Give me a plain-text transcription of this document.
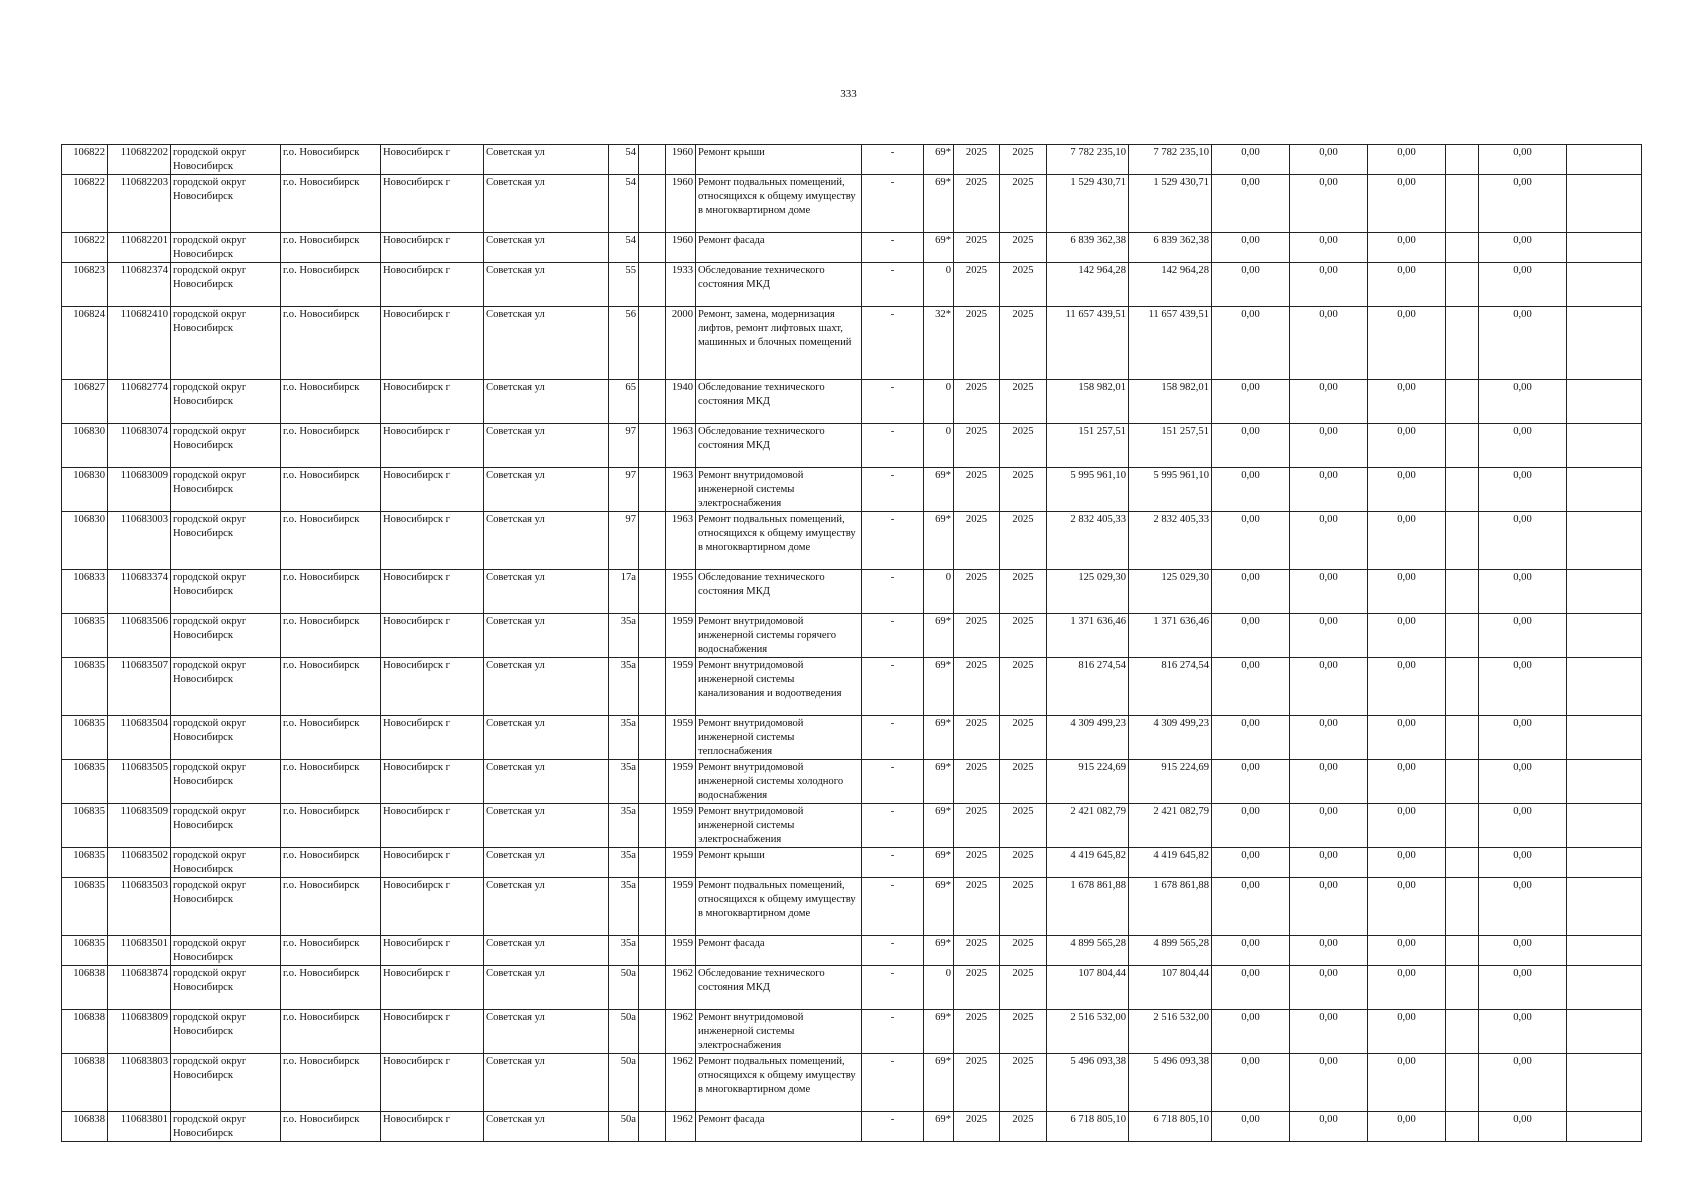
333
106822	110682202	городской округ Новосибирск	г.о. Новосибирск	Новосибирск г	Советская ул	54		1960	Ремонт крыши	-	69*	2025	2025	7 782 235,10	7 782 235,10	0,00	0,00	0,00		0,00	
106822	110682203	городской округ Новосибирск	г.о. Новосибирск	Новосибирск г	Советская ул	54		1960	Ремонт подвальных помещений, относящихся к общему имуществу в многоквартирном доме	-	69*	2025	2025	1 529 430,71	1 529 430,71	0,00	0,00	0,00		0,00	
106822	110682201	городской округ Новосибирск	г.о. Новосибирск	Новосибирск г	Советская ул	54		1960	Ремонт фасада	-	69*	2025	2025	6 839 362,38	6 839 362,38	0,00	0,00	0,00		0,00	
106823	110682374	городской округ Новосибирск	г.о. Новосибирск	Новосибирск г	Советская ул	55		1933	Обследование технического состояния МКД	-	0	2025	2025	142 964,28	142 964,28	0,00	0,00	0,00		0,00	
106824	110682410	городской округ Новосибирск	г.о. Новосибирск	Новосибирск г	Советская ул	56		2000	Ремонт, замена, модернизация лифтов, ремонт лифтовых шахт, машинных и блочных помещений	-	32*	2025	2025	11 657 439,51	11 657 439,51	0,00	0,00	0,00		0,00	
106827	110682774	городской округ Новосибирск	г.о. Новосибирск	Новосибирск г	Советская ул	65		1940	Обследование технического состояния МКД	-	0	2025	2025	158 982,01	158 982,01	0,00	0,00	0,00		0,00	
106830	110683074	городской округ Новосибирск	г.о. Новосибирск	Новосибирск г	Советская ул	97		1963	Обследование технического состояния МКД	-	0	2025	2025	151 257,51	151 257,51	0,00	0,00	0,00		0,00	
106830	110683009	городской округ Новосибирск	г.о. Новосибирск	Новосибирск г	Советская ул	97		1963	Ремонт внутридомовой инженерной системы электроснабжения	-	69*	2025	2025	5 995 961,10	5 995 961,10	0,00	0,00	0,00		0,00	
106830	110683003	городской округ Новосибирск	г.о. Новосибирск	Новосибирск г	Советская ул	97		1963	Ремонт подвальных помещений, относящихся к общему имуществу в многоквартирном доме	-	69*	2025	2025	2 832 405,33	2 832 405,33	0,00	0,00	0,00		0,00	
106833	110683374	городской округ Новосибирск	г.о. Новосибирск	Новосибирск г	Советская ул	17а		1955	Обследование технического состояния МКД	-	0	2025	2025	125 029,30	125 029,30	0,00	0,00	0,00		0,00	
106835	110683506	городской округ Новосибирск	г.о. Новосибирск	Новосибирск г	Советская ул	35а		1959	Ремонт внутридомовой инженерной системы горячего водоснабжения	-	69*	2025	2025	1 371 636,46	1 371 636,46	0,00	0,00	0,00		0,00	
106835	110683507	городской округ Новосибирск	г.о. Новосибирск	Новосибирск г	Советская ул	35а		1959	Ремонт внутридомовой инженерной системы канализования и водоотведения	-	69*	2025	2025	816 274,54	816 274,54	0,00	0,00	0,00		0,00	
106835	110683504	городской округ Новосибирск	г.о. Новосибирск	Новосибирск г	Советская ул	35а		1959	Ремонт внутридомовой инженерной системы теплоснабжения	-	69*	2025	2025	4 309 499,23	4 309 499,23	0,00	0,00	0,00		0,00	
106835	110683505	городской округ Новосибирск	г.о. Новосибирск	Новосибирск г	Советская ул	35а		1959	Ремонт внутридомовой инженерной системы холодного водоснабжения	-	69*	2025	2025	915 224,69	915 224,69	0,00	0,00	0,00		0,00	
106835	110683509	городской округ Новосибирск	г.о. Новосибирск	Новосибирск г	Советская ул	35а		1959	Ремонт внутридомовой инженерной системы электроснабжения	-	69*	2025	2025	2 421 082,79	2 421 082,79	0,00	0,00	0,00		0,00	
106835	110683502	городской округ Новосибирск	г.о. Новосибирск	Новосибирск г	Советская ул	35а		1959	Ремонт крыши	-	69*	2025	2025	4 419 645,82	4 419 645,82	0,00	0,00	0,00		0,00	
106835	110683503	городской округ Новосибирск	г.о. Новосибирск	Новосибирск г	Советская ул	35а		1959	Ремонт подвальных помещений, относящихся к общему имуществу в многоквартирном доме	-	69*	2025	2025	1 678 861,88	1 678 861,88	0,00	0,00	0,00		0,00	
106835	110683501	городской округ Новосибирск	г.о. Новосибирск	Новосибирск г	Советская ул	35а		1959	Ремонт фасада	-	69*	2025	2025	4 899 565,28	4 899 565,28	0,00	0,00	0,00		0,00	
106838	110683874	городской округ Новосибирск	г.о. Новосибирск	Новосибирск г	Советская ул	50а		1962	Обследование технического состояния МКД	-	0	2025	2025	107 804,44	107 804,44	0,00	0,00	0,00		0,00	
106838	110683809	городской округ Новосибирск	г.о. Новосибирск	Новосибирск г	Советская ул	50а		1962	Ремонт внутридомовой инженерной системы электроснабжения	-	69*	2025	2025	2 516 532,00	2 516 532,00	0,00	0,00	0,00		0,00	
106838	110683803	городской округ Новосибирск	г.о. Новосибирск	Новосибирск г	Советская ул	50а		1962	Ремонт подвальных помещений, относящихся к общему имуществу в многоквартирном доме	-	69*	2025	2025	5 496 093,38	5 496 093,38	0,00	0,00	0,00		0,00	
106838	110683801	городской округ Новосибирск	г.о. Новосибирск	Новосибирск г	Советская ул	50а		1962	Ремонт фасада	-	69*	2025	2025	6 718 805,10	6 718 805,10	0,00	0,00	0,00		0,00	
